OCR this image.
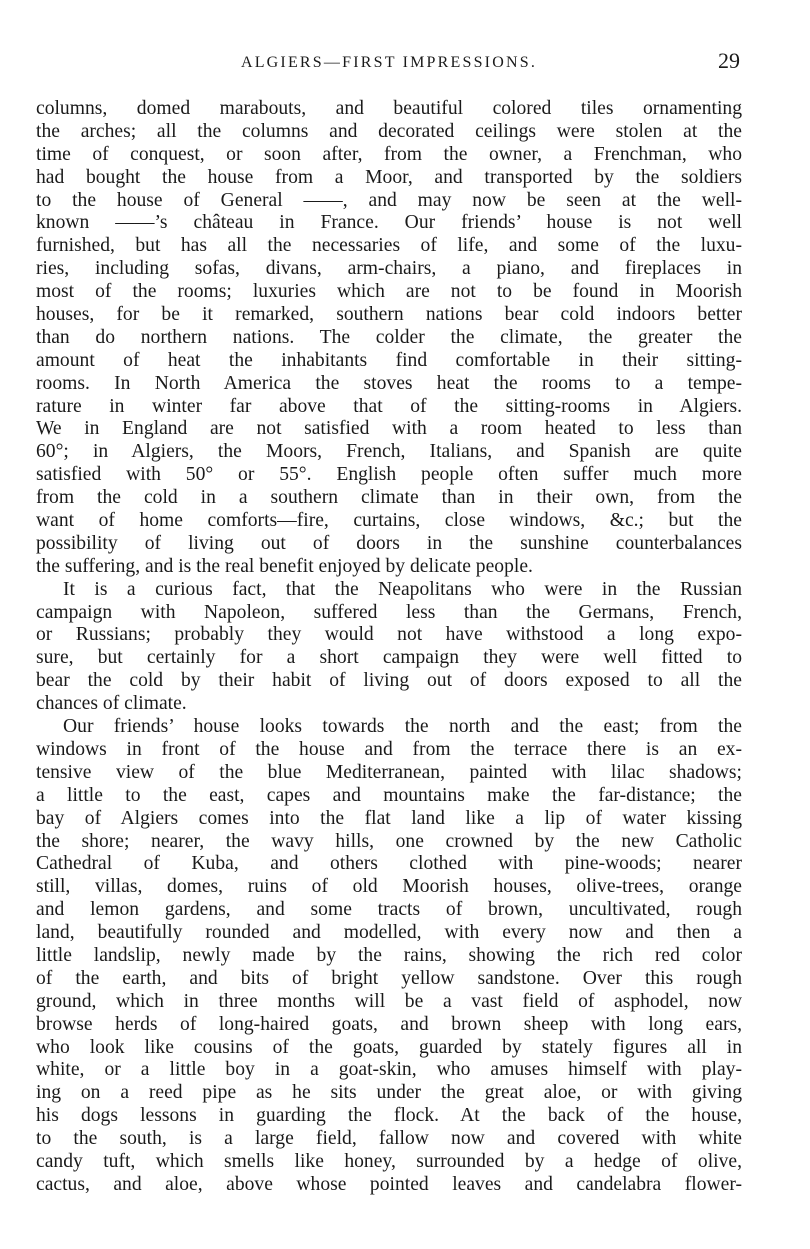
ALGIERS—FIRST IMPRESSIONS.	29
columns, domed marabouts, and beautiful colored tiles ornamenting
the arches; all the columns and decorated ceilings were stolen at the
time of conquest, or soon after, from the owner, a Frenchman, who
had bought the house from a Moor, and transported by the soldiers
to the house of General ——, and may now be seen at the well-
known ——’s château in France. Our friends’ house is not well
furnished, but has all the necessaries of life, and some of the luxu-
ries, including sofas, divans, arm-chairs, a piano, and fireplaces in
most of the rooms; luxuries which are not to be found in Moorish
houses, for be it remarked, southern nations bear cold indoors better
than do northern nations. The colder the climate, the greater the
amount of heat the inhabitants find comfortable in their sitting-
rooms. In North America the stoves heat the rooms to a tempe-
rature in winter far above that of the sitting-rooms in Algiers.
We in England are not satisfied with a room heated to less than
60°; in Algiers, the Moors, French, Italians, and Spanish are quite
satisfied with 50° or 55°. English people often suffer much more
from the cold in a southern climate than in their own, from the
want of home comforts—fire, curtains, close windows, &c.; but the
possibility of living out of doors in the sunshine counterbalances
the suffering, and is the real benefit enjoyed by delicate people.
It is a curious fact, that the Neapolitans who were in the Russian
campaign with Napoleon, suffered less than the Germans, French,
or Russians; probably they would not have withstood a long expo-
sure, but certainly for a short campaign they were well fitted to
bear the cold by their habit of living out of doors exposed to all the
chances of climate.
Our friends’ house looks towards the north and the east; from the
windows in front of the house and from the terrace there is an ex-
tensive view of the blue Mediterranean, painted with lilac shadows;
a little to the east, capes and mountains make the far-distance; the
bay of Algiers comes into the flat land like a lip of water kissing
the shore; nearer, the wavy hills, one crowned by the new Catholic
Cathedral of Kuba, and others clothed with pine-woods; nearer
still, villas, domes, ruins of old Moorish houses, olive-trees, orange
and lemon gardens, and some tracts of brown, uncultivated, rough
land, beautifully rounded and modelled, with every now and then a
little landslip, newly made by the rains, showing the rich red color
of the earth, and bits of bright yellow sandstone. Over this rough
ground, which in three months will be a vast field of asphodel, now
browse herds of long-haired goats, and brown sheep with long ears,
who look like cousins of the goats, guarded by stately figures all in
white, or a little boy in a goat-skin, who amuses himself with play-
ing on a reed pipe as he sits under the great aloe, or with giving
his dogs lessons in guarding the flock. At the back of the house,
to the south, is a large field, fallow now and covered with white
candy tuft, which smells like honey, surrounded by a hedge of olive,
cactus, and aloe, above whose pointed leaves and candelabra flower-
